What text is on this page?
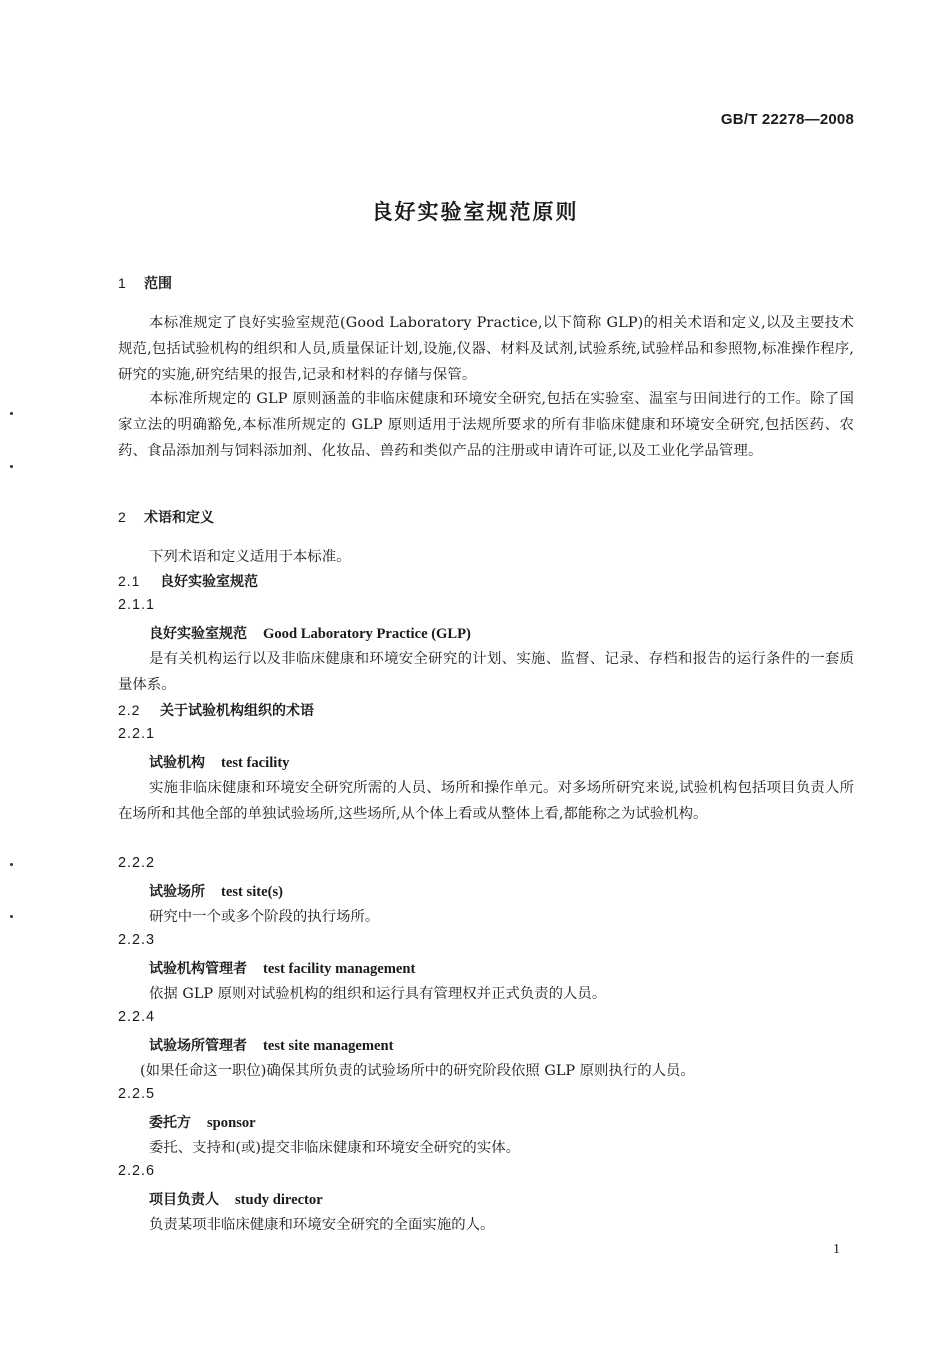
GB/T 22278—2008
良好实验室规范原则
1 范围
本标准规定了良好实验室规范(Good Laboratory Practice,以下简称 GLP)的相关术语和定义,以及主要技术规范,包括试验机构的组织和人员,质量保证计划,设施,仪器、材料及试剂,试验系统,试验样品和参照物,标准操作程序,研究的实施,研究结果的报告,记录和材料的存储与保管。
本标准所规定的 GLP 原则涵盖的非临床健康和环境安全研究,包括在实验室、温室与田间进行的工作。除了国家立法的明确豁免,本标准所规定的 GLP 原则适用于法规所要求的所有非临床健康和环境安全研究,包括医药、农药、食品添加剂与饲料添加剂、化妆品、兽药和类似产品的注册或申请许可证,以及工业化学品管理。
2 术语和定义
下列术语和定义适用于本标准。
2.1 良好实验室规范
2.1.1
良好实验室规范 Good Laboratory Practice (GLP)
是有关机构运行以及非临床健康和环境安全研究的计划、实施、监督、记录、存档和报告的运行条件的一套质量体系。
2.2 关于试验机构组织的术语
2.2.1
试验机构 test facility
实施非临床健康和环境安全研究所需的人员、场所和操作单元。对多场所研究来说,试验机构包括项目负责人所在场所和其他全部的单独试验场所,这些场所,从个体上看或从整体上看,都能称之为试验机构。
2.2.2
试验场所 test site(s)
研究中一个或多个阶段的执行场所。
2.2.3
试验机构管理者 test facility management
依据 GLP 原则对试验机构的组织和运行具有管理权并正式负责的人员。
2.2.4
试验场所管理者 test site management
(如果任命这一职位)确保其所负责的试验场所中的研究阶段依照 GLP 原则执行的人员。
2.2.5
委托方 sponsor
委托、支持和(或)提交非临床健康和环境安全研究的实体。
2.2.6
项目负责人 study director
负责某项非临床健康和环境安全研究的全面实施的人。
1
